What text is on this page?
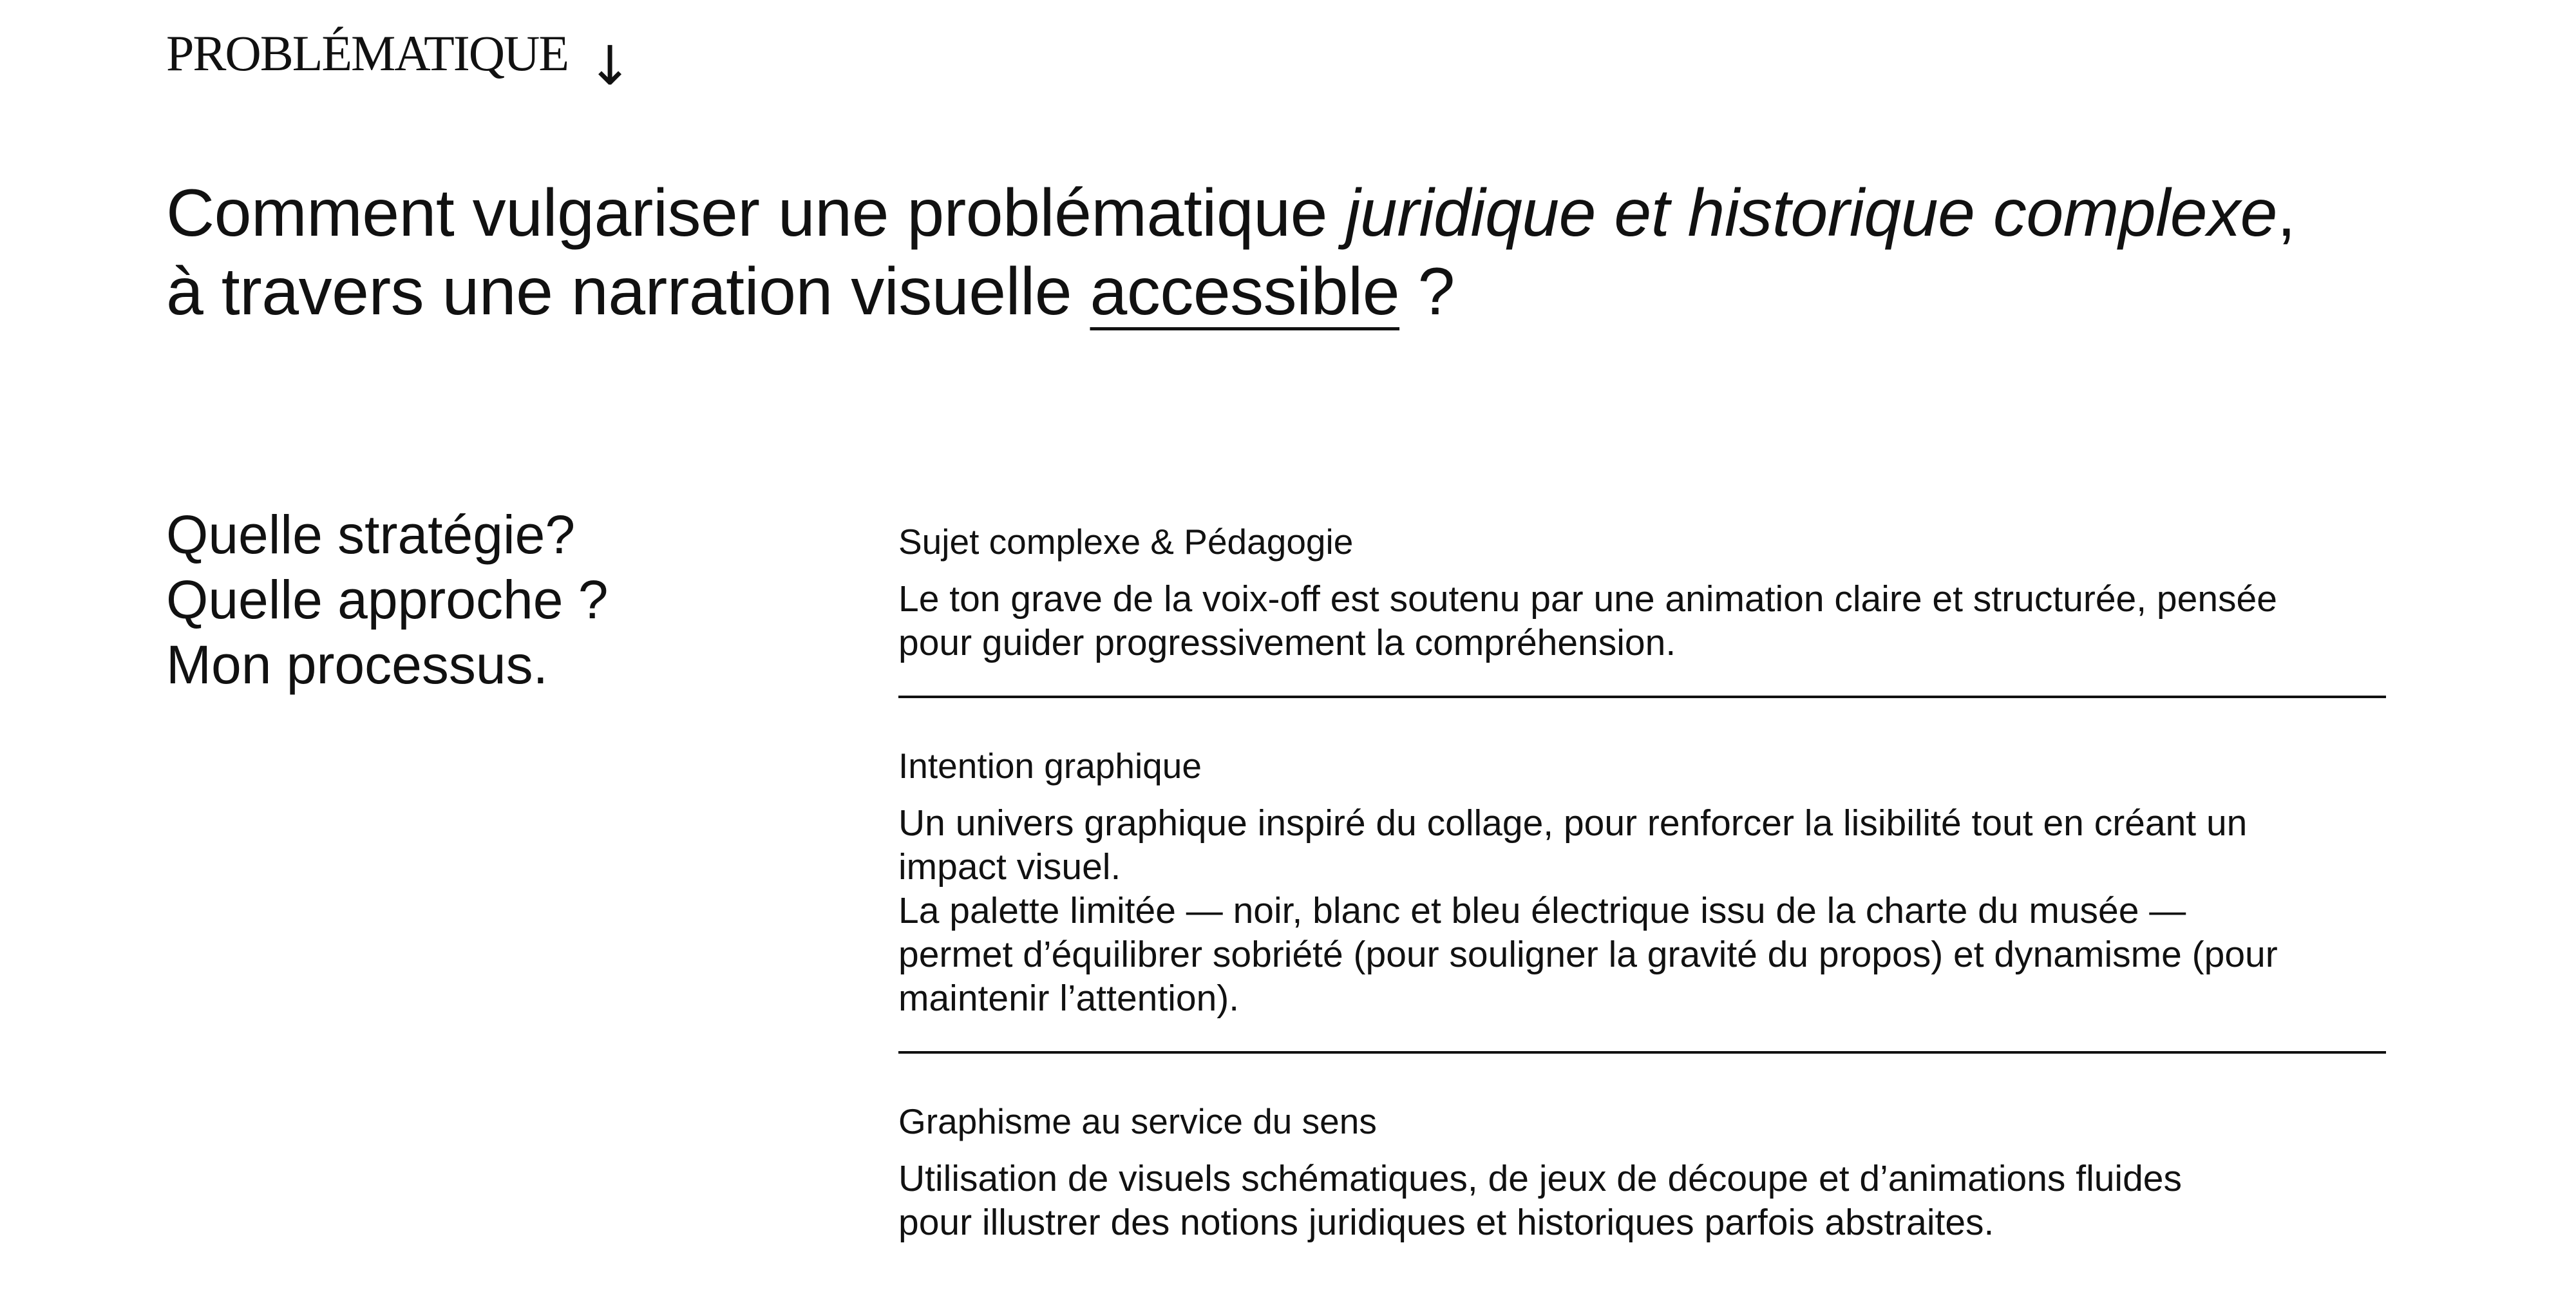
PROBLÉMATIQUE ↓
Comment vulgariser une problématique juridique et historique complexe,
à travers une narration visuelle accessible ?
Quelle stratégie?
Quelle approche ?
Mon processus.
Sujet complexe & Pédagogie

Le ton grave de la voix-off est soutenu par une animation claire et structurée, pensée

pour guider progressivement la compréhension.

Intention graphique

Un univers graphique inspiré du collage, pour renforcer la lisibilité tout en créant un

impact visuel.

La palette limitée — noir, blanc et bleu électrique issu de la charte du musée —

permet d’équilibrer sobriété (pour souligner la gravité du propos) et dynamisme (pour

maintenir l’attention).

Graphisme au service du sens

Utilisation de visuels schématiques, de jeux de découpe et d’animations fluides

pour illustrer des notions juridiques et historiques parfois abstraites.
